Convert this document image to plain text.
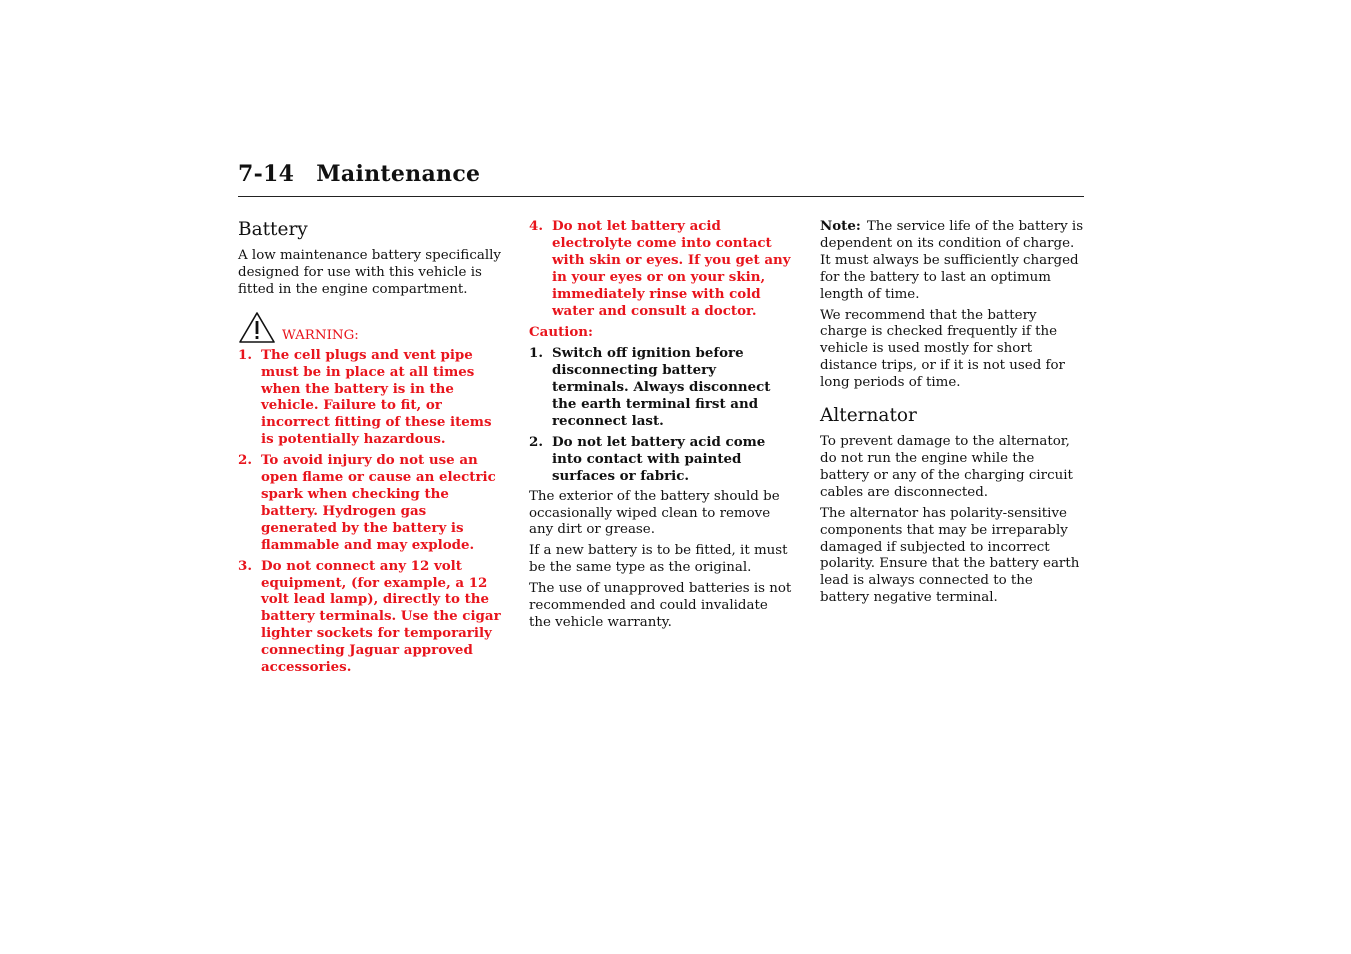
7-14 Maintenance
Battery

A low maintenance battery specifically designed for use with this vehicle is fitted in the engine compartment.

WARNING:
1. The cell plugs and vent pipe must be in place at all times when the battery is in the vehicle. Failure to fit, or incorrect fitting of these items is potentially hazardous.
2. To avoid injury do not use an open flame or cause an electric spark when checking the battery. Hydrogen gas generated by the battery is flammable and may explode.
3. Do not connect any 12 volt equipment, (for example, a 12 volt lead lamp), directly to the battery terminals. Use the cigar lighter sockets for temporarily connecting Jaguar approved accessories.
4. Do not let battery acid electrolyte come into contact with skin or eyes. If you get any in your eyes or on your skin, immediately rinse with cold water and consult a doctor.

Caution:

1. Switch off ignition before disconnecting battery terminals. Always disconnect the earth terminal first and reconnect last.
2. Do not let battery acid come into contact with painted surfaces or fabric.

The exterior of the battery should be occasionally wiped clean to remove any dirt or grease.

If a new battery is to be fitted, it must be the same type as the original.

The use of unapproved batteries is not recommended and could invalidate the vehicle warranty.

Note: The service life of the battery is dependent on its condition of charge. It must always be sufficiently charged for the battery to last an optimum length of time.

We recommend that the battery charge is checked frequently if the vehicle is used mostly for short distance trips, or if it is not used for long periods of time.

Alternator

To prevent damage to the alternator, do not run the engine while the battery or any of the charging circuit cables are disconnected.

The alternator has polarity-sensitive components that may be irreparably damaged if subjected to incorrect polarity. Ensure that the battery earth lead is always connected to the battery negative terminal.
